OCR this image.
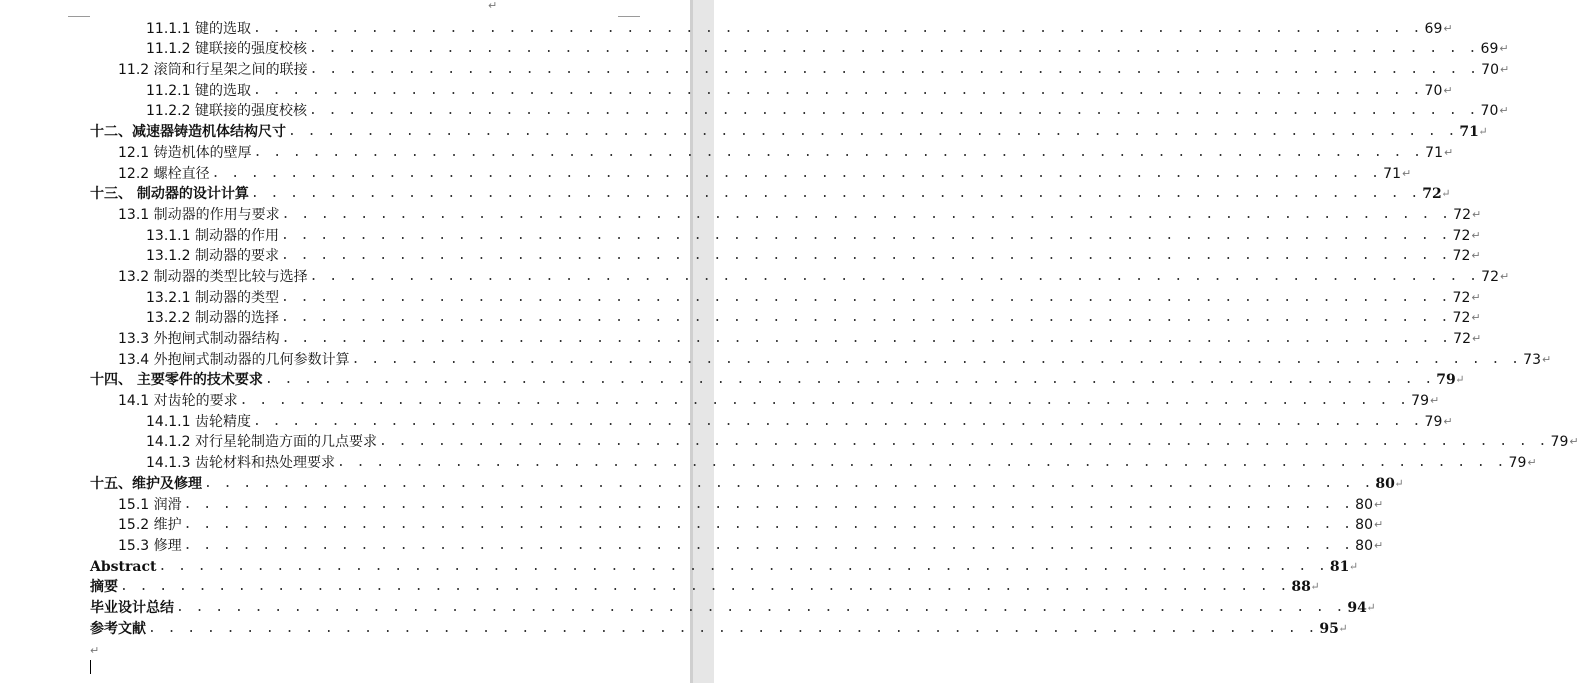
↵
11.1.1 键的选取 . . . . . . . . . . . . . . . . . . . . . . . . . . . . . . . . . . . . . . . . . . . . . . . . . . . . . . . . . . . . 69 ↵
11.1.2 键联接的强度校核 . . . . . . . . . . . . . . . . . . . . . . . . . . . . . . . . . . . . . . . . . . . . . . . . . . . . . . . . . . . . 69 ↵
11.2 滚筒和行星架之间的联接 . . . . . . . . . . . . . . . . . . . . . . . . . . . . . . . . . . . . . . . . . . . . . . . . . . . . . . . . . . . . 70 ↵
11.2.1 键的选取 . . . . . . . . . . . . . . . . . . . . . . . . . . . . . . . . . . . . . . . . . . . . . . . . . . . . . . . . . . . . 70 ↵
11.2.2 键联接的强度校核 . . . . . . . . . . . . . . . . . . . . . . . . . . . . . . . . . . . . . . . . . . . . . . . . . . . . . . . . . . . . 70 ↵
十二、减速器铸造机体结构尺寸 . . . . . . . . . . . . . . . . . . . . . . . . . . . . . . . . . . . . . . . . . . . . . . . . . . . . . . . . . . . . 71 ↵
12.1 铸造机体的壁厚 . . . . . . . . . . . . . . . . . . . . . . . . . . . . . . . . . . . . . . . . . . . . . . . . . . . . . . . . . . . . 71 ↵
12.2 螺栓直径 . . . . . . . . . . . . . . . . . . . . . . . . . . . . . . . . . . . . . . . . . . . . . . . . . . . . . . . . . . . . 71 ↵
十三、 制动器的设计计算 . . . . . . . . . . . . . . . . . . . . . . . . . . . . . . . . . . . . . . . . . . . . . . . . . . . . . . . . . . . . 72 ↵
13.1 制动器的作用与要求 . . . . . . . . . . . . . . . . . . . . . . . . . . . . . . . . . . . . . . . . . . . . . . . . . . . . . . . . . . . . 72 ↵
13.1.1 制动器的作用 . . . . . . . . . . . . . . . . . . . . . . . . . . . . . . . . . . . . . . . . . . . . . . . . . . . . . . . . . . . . 72 ↵
13.1.2 制动器的要求 . . . . . . . . . . . . . . . . . . . . . . . . . . . . . . . . . . . . . . . . . . . . . . . . . . . . . . . . . . . . 72 ↵
13.2 制动器的类型比较与选择 . . . . . . . . . . . . . . . . . . . . . . . . . . . . . . . . . . . . . . . . . . . . . . . . . . . . . . . . . . . . 72 ↵
13.2.1 制动器的类型 . . . . . . . . . . . . . . . . . . . . . . . . . . . . . . . . . . . . . . . . . . . . . . . . . . . . . . . . . . . . 72 ↵
13.2.2 制动器的选择 . . . . . . . . . . . . . . . . . . . . . . . . . . . . . . . . . . . . . . . . . . . . . . . . . . . . . . . . . . . . 72 ↵
13.3 外抱闸式制动器结构 . . . . . . . . . . . . . . . . . . . . . . . . . . . . . . . . . . . . . . . . . . . . . . . . . . . . . . . . . . . . 72 ↵
13.4 外抱闸式制动器的几何参数计算 . . . . . . . . . . . . . . . . . . . . . . . . . . . . . . . . . . . . . . . . . . . . . . . . . . . . . . . . . . . . 73 ↵
十四、 主要零件的技术要求 . . . . . . . . . . . . . . . . . . . . . . . . . . . . . . . . . . . . . . . . . . . . . . . . . . . . . . . . . . . . 79 ↵
14.1 对齿轮的要求 . . . . . . . . . . . . . . . . . . . . . . . . . . . . . . . . . . . . . . . . . . . . . . . . . . . . . . . . . . . . 79 ↵
14.1.1 齿轮精度 . . . . . . . . . . . . . . . . . . . . . . . . . . . . . . . . . . . . . . . . . . . . . . . . . . . . . . . . . . . . 79 ↵
14.1.2 对行星轮制造方面的几点要求 . . . . . . . . . . . . . . . . . . . . . . . . . . . . . . . . . . . . . . . . . . . . . . . . . . . . . . . . . . . . 79 ↵
14.1.3 齿轮材料和热处理要求 . . . . . . . . . . . . . . . . . . . . . . . . . . . . . . . . . . . . . . . . . . . . . . . . . . . . . . . . . . . . 79 ↵
十五、维护及修理 . . . . . . . . . . . . . . . . . . . . . . . . . . . . . . . . . . . . . . . . . . . . . . . . . . . . . . . . . . . . 80 ↵
15.1 润滑 . . . . . . . . . . . . . . . . . . . . . . . . . . . . . . . . . . . . . . . . . . . . . . . . . . . . . . . . . . . . 80 ↵
15.2 维护 . . . . . . . . . . . . . . . . . . . . . . . . . . . . . . . . . . . . . . . . . . . . . . . . . . . . . . . . . . . . 80 ↵
15.3 修理 . . . . . . . . . . . . . . . . . . . . . . . . . . . . . . . . . . . . . . . . . . . . . . . . . . . . . . . . . . . . 80 ↵
Abstract . . . . . . . . . . . . . . . . . . . . . . . . . . . . . . . . . . . . . . . . . . . . . . . . . . . . . . . . . . . . 81 ↵
摘要 . . . . . . . . . . . . . . . . . . . . . . . . . . . . . . . . . . . . . . . . . . . . . . . . . . . . . . . . . . . . 88 ↵
毕业设计总结 . . . . . . . . . . . . . . . . . . . . . . . . . . . . . . . . . . . . . . . . . . . . . . . . . . . . . . . . . . . . 94 ↵
参考文献 . . . . . . . . . . . . . . . . . . . . . . . . . . . . . . . . . . . . . . . . . . . . . . . . . . . . . . . . . . . . 95 ↵
↵
